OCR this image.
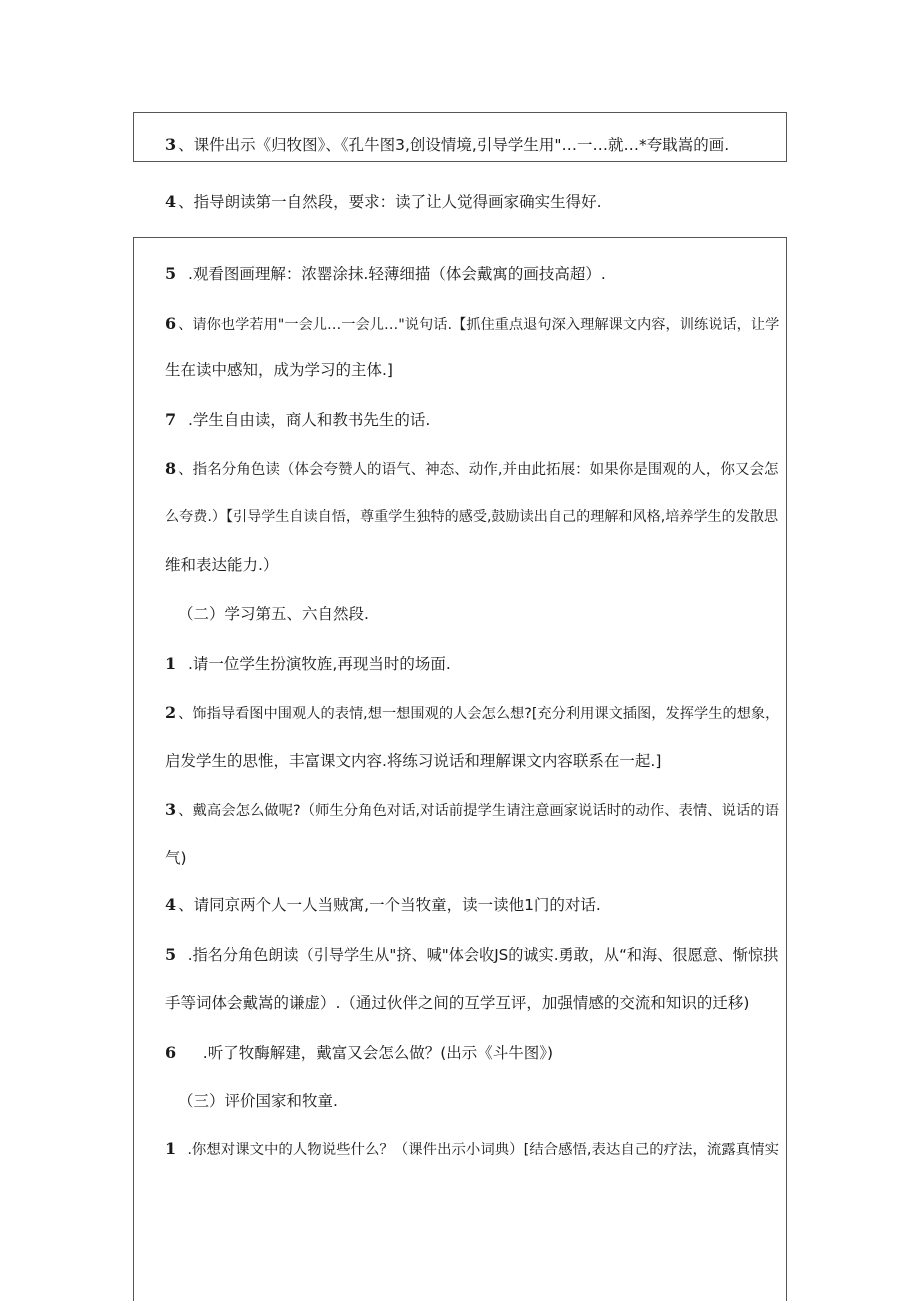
3 、课件出示《归牧图》、《孔牛图3,创设情境,引导学生用"…一…就…*夸戢嵩的画.
4 、指导朗读第一自然段，要求：读了让人觉得画家确实生得好.
5 .观看图画理解：浓罂涂抹.轻薄细描（体会戴寓的画技高超）.
6 、请你也学若用"一会儿…一会儿…"说句话.【抓住重点退句深入理解课文内容，训练说话，让学
生在读中感知，成为学习的主体.]
7 .学生自由读，商人和教书先生的话.
8 、指名分角色读（体会夸赞人的语气、神态、动作,并由此拓展：如果你是围观的人，你又会怎
么夸费.）【引导学生自读自悟，尊重学生独特的感受,鼓励读出自己的理解和风格,培养学生的发散思
维和表达能力.）
（二）学习第五、六自然段.
1 .请一位学生扮演牧旌,再现当时的场面.
2 、饰指导看图中围观人的表情,想一想围观的人会怎么想?[充分利用课文插图，发挥学生的想象，
启发学生的思惟，丰富课文内容.将练习说话和理解课文内容联系在一起.]
3 、戴高会怎么做呢?（师生分角色对话,对话前提学生请注意画家说话时的动作、表情、说话的语
气)
4 、请同京两个人一人当贼寓,一个当牧童，读一读他1门的对话.
5 .指名分角色朗读（引导学生从"挤、喊"体会收JS的诚实.勇敢，从“和海、很愿意、惭惊拱
手等词体会戴嵩的谦虚）.（通过伙伴之间的互学互评，加强情感的交流和知识的迁移)
6 .听了牧酶解建，戴富又会怎么做？(出示《斗牛图》)
（三）评价国家和牧童.
1 .你想对课文中的人物说些什么？（课件出示小词典）[结合感悟,表达自己的疗法，流露真情实
